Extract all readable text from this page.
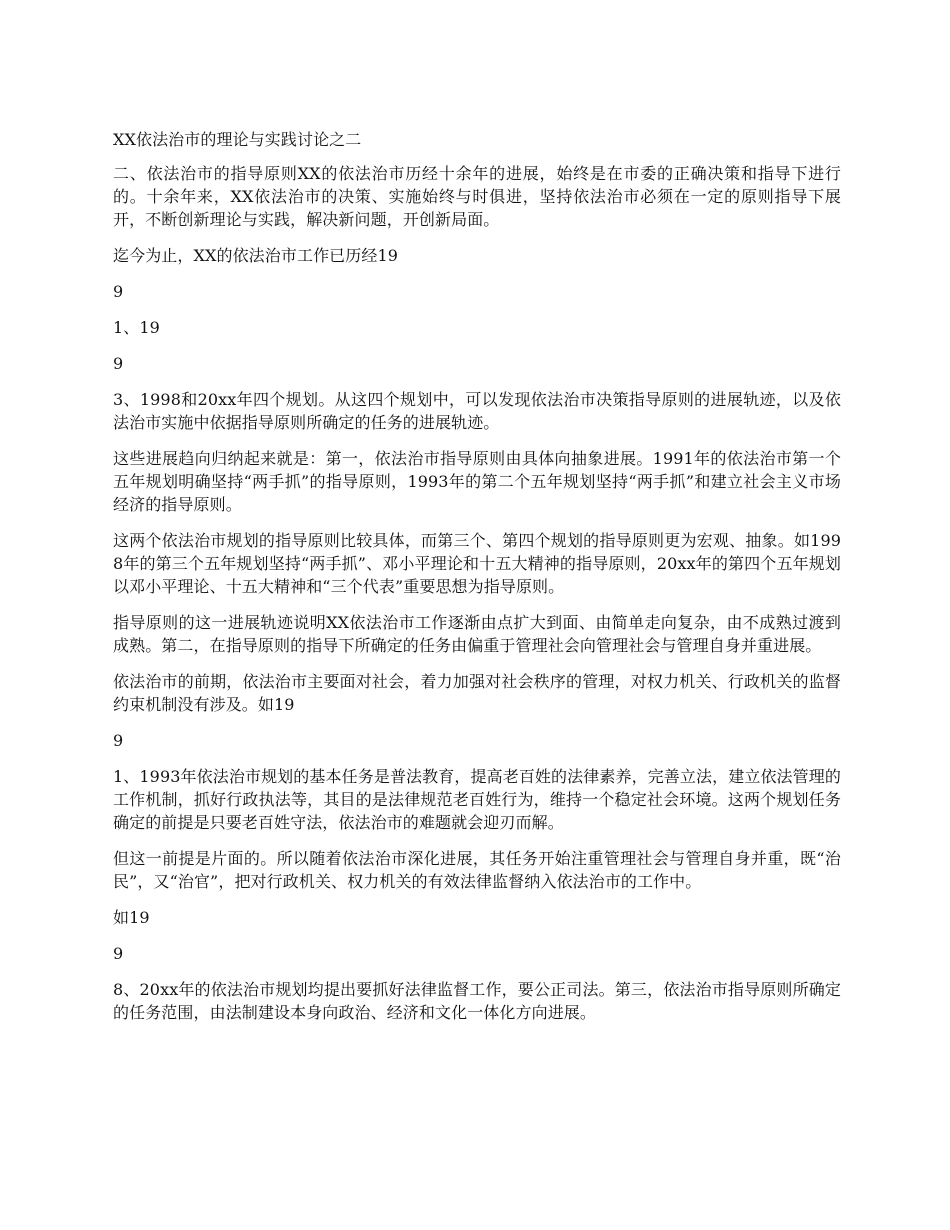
XX依法治市的理论与实践讨论之二

二、依法治市的指导原则XX的依法治市历经十余年的进展，始终是在市委的正确决策和指导下进行的。十余年来，XX依法治市的决策、实施始终与时俱进，坚持依法治市必须在一定的原则指导下展开，不断创新理论与实践，解决新问题，开创新局面。

迄今为止，XX的依法治市工作已历经19

9

1、19

9

3、1998和20xx年四个规划。从这四个规划中，可以发现依法治市决策指导原则的进展轨迹，以及依法治市实施中依据指导原则所确定的任务的进展轨迹。

这些进展趋向归纳起来就是：第一，依法治市指导原则由具体向抽象进展。1991年的依法治市第一个五年规划明确坚持“两手抓”的指导原则，1993年的第二个五年规划坚持“两手抓”和建立社会主义市场经济的指导原则。

这两个依法治市规划的指导原则比较具体，而第三个、第四个规划的指导原则更为宏观、抽象。如1998年的第三个五年规划坚持“两手抓”、邓小平理论和十五大精神的指导原则，20xx年的第四个五年规划以邓小平理论、十五大精神和“三个代表”重要思想为指导原则。

指导原则的这一进展轨迹说明XX依法治市工作逐渐由点扩大到面、由简单走向复杂，由不成熟过渡到成熟。第二，在指导原则的指导下所确定的任务由偏重于管理社会向管理社会与管理自身并重进展。

依法治市的前期，依法治市主要面对社会，着力加强对社会秩序的管理，对权力机关、行政机关的监督约束机制没有涉及。如19

9

1、1993年依法治市规划的基本任务是普法教育，提高老百姓的法律素养，完善立法，建立依法管理的工作机制，抓好行政执法等，其目的是法律规范老百姓行为，维持一个稳定社会环境。这两个规划任务确定的前提是只要老百姓守法，依法治市的难题就会迎刃而解。

但这一前提是片面的。所以随着依法治市深化进展，其任务开始注重管理社会与管理自身并重，既“治民”，又“治官”，把对行政机关、权力机关的有效法律监督纳入依法治市的工作中。

如19

9

8、20xx年的依法治市规划均提出要抓好法律监督工作，要公正司法。第三，依法治市指导原则所确定的任务范围，由法制建设本身向政治、经济和文化一体化方向进展。
